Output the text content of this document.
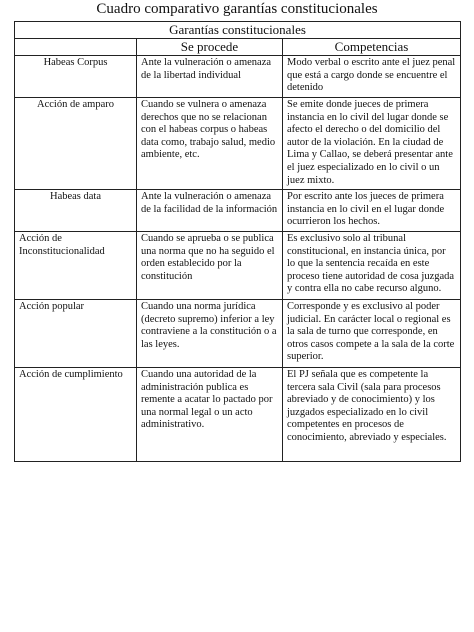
Cuadro comparativo garantías constitucionales
Garantías constitucionales		
	Se procede	Competencias
Habeas Corpus	Ante la vulneración o amenaza de la libertad individual	Modo verbal o escrito ante el juez penal que está a cargo donde se encuentre el detenido
Acción de amparo	Cuando se vulnera o amenaza derechos que no se relacionan con el habeas corpus o habeas data como, trabajo salud, medio ambiente, etc.	Se emite donde jueces de primera instancia en lo civil del lugar donde se afecto el derecho o del domicilio del autor de la violación. En la ciudad de Lima y Callao, se deberá presentar ante el juez especializado en lo civil o un juez mixto.
Habeas data	Ante la vulneración o amenaza de la facilidad de la información	Por escrito ante los jueces de primera instancia en lo civil en el lugar donde ocurrieron los hechos.
Acción de Inconstitucionalidad	Cuando se aprueba o se publica una norma que no ha seguido el orden establecido por la constitución	Es exclusivo solo al tribunal constitucional, en instancia única, por lo que la sentencia recaída en este proceso tiene autoridad de cosa juzgada y contra ella no cabe recurso alguno.
Acción popular	Cuando una norma jurídica (decreto supremo) inferior a ley contraviene a la constitución o a las leyes.	Corresponde y es exclusivo al poder judicial. En carácter local o regional es la sala de turno que corresponde, en otros casos compete a la sala de la corte superior.
Acción de cumplimiento	Cuando una autoridad de la administración publica es remente a acatar lo pactado por una normal legal o un acto administrativo.	El PJ señala que es competente la tercera sala Civil (sala para procesos abreviado y de conocimiento) y los juzgados especializado en lo civil competentes en procesos de conocimiento, abreviado y especiales.
